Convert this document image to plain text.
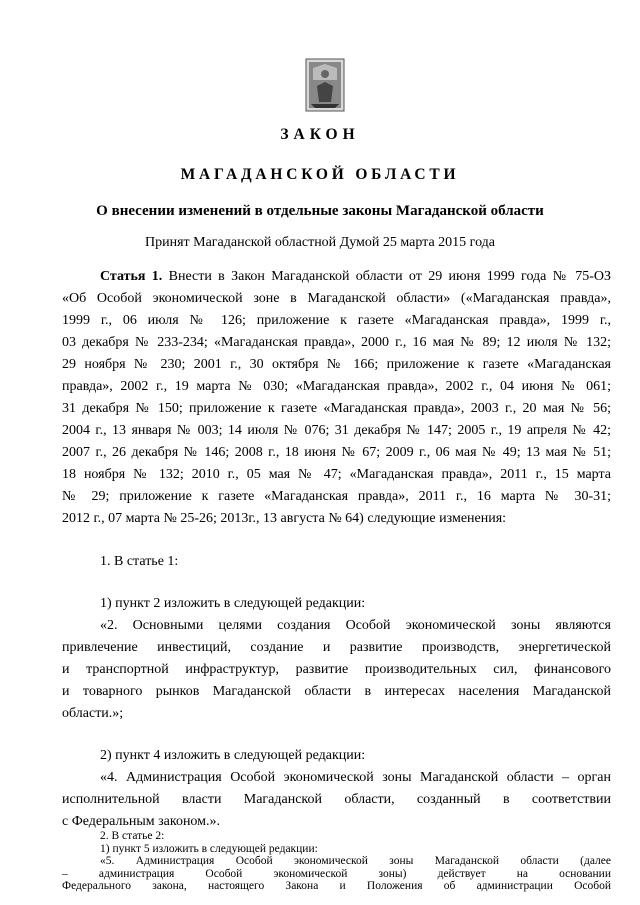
ЗАКОН
МАГАДАНСКОЙ ОБЛАСТИ
О внесении изменений в отдельные законы Магаданской области
Принят Магаданской областной Думой 25 марта 2015 года
Статья 1. Внести в Закон Магаданской области от 29 июня 1999 года № 75-ОЗ
«Об Особой экономической зоне в Магаданской области» («Магаданская правда»,
1999 г., 06 июля № 126; приложение к газете «Магаданская правда», 1999 г.,
03 декабря № 233-234; «Магаданская правда», 2000 г., 16 мая № 89; 12 июля № 132;
29 ноября № 230; 2001 г., 30 октября № 166; приложение к газете «Магаданская
правда», 2002 г., 19 марта № 030; «Магаданская правда», 2002 г., 04 июня № 061;
31 декабря № 150; приложение к газете «Магаданская правда», 2003 г., 20 мая № 56;
2004 г., 13 января № 003; 14 июля № 076; 31 декабря № 147; 2005 г., 19 апреля № 42;
2007 г., 26 декабря № 146; 2008 г., 18 июня № 67; 2009 г., 06 мая № 49; 13 мая № 51;
18 ноября № 132; 2010 г., 05 мая № 47; «Магаданская правда», 2011 г., 15 марта
№ 29; приложение к газете «Магаданская правда», 2011 г., 16 марта № 30-31;
2012 г., 07 марта № 25-26; 2013г., 13 августа № 64) следующие изменения:
1. В статье 1:
1) пункт 2 изложить в следующей редакции:
«2. Основными целями создания Особой экономической зоны являются
привлечение инвестиций, создание и развитие производств, энергетической
и транспортной инфраструктур, развитие производительных сил, финансового
и товарного рынков Магаданской области в интересах населения Магаданской
области.»;
2) пункт 4 изложить в следующей редакции:
«4. Администрация Особой экономической зоны Магаданской области – орган
исполнительной власти Магаданской области, созданный в соответствии
с Федеральным законом.».
2. В статье 2:
1) пункт 5 изложить в следующей редакции:
«5. Администрация Особой экономической зоны Магаданской области (далее
– администрация Особой экономической зоны) действует на основании
Федерального закона, настоящего Закона и Положения об администрации Особой
